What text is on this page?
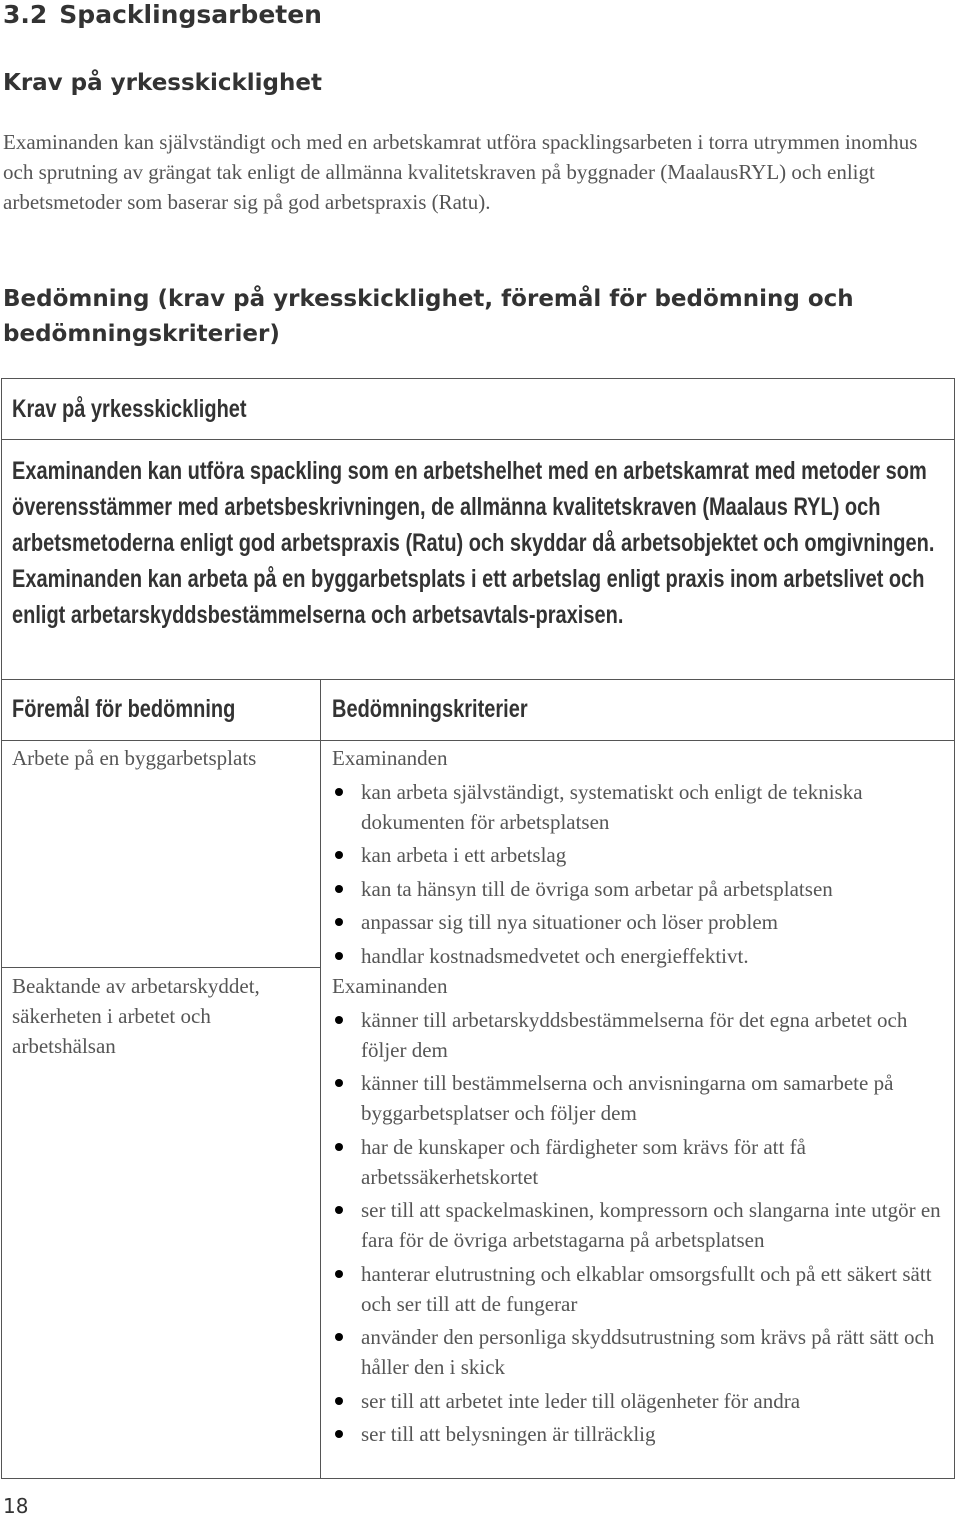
3.2 Spacklingsarbeten
Krav på yrkesskicklighet

Examinanden kan självständigt och med en arbetskamrat utföra spacklingsarbeten i torra utrymmen inomhus och sprutning av grängat tak enligt de allmänna kvalitetskraven på byggnader (MaalausRYL) och enligt arbetsmetoder som baserar sig på god arbetspraxis (Ratu).

Bedömning (krav på yrkesskicklighet, föremål för bedömning och bedömningskriterier)
Krav på yrkesskicklighet
Examinanden kan utföra spackling som en arbetshelhet med en arbetskamrat med metoder som överensstämmer med arbetsbeskrivningen, de allmänna kvalitetskraven (Maalaus RYL) och arbetsmetoderna enligt god arbetspraxis (Ratu) och skyddar då arbetsobjektet och omgivningen. Examinanden kan arbeta på en byggarbetsplats i ett arbetslag enligt praxis inom arbetslivet och enligt arbetarskyddsbestämmelserna och arbetsavtals-praxisen.
Föremål för bedömning	Bedömningskriterier
Arbete på en byggarbetsplats
Beaktande av arbetarskyddet, säkerheten i arbetet och arbetshälsan
Examinanden
kan arbeta självständigt, systematiskt och enligt de tekniska dokumenten för arbetsplatsen
kan arbeta i ett arbetslag
kan ta hänsyn till de övriga som arbetar på arbetsplatsen
anpassar sig till nya situationer och löser problem
handlar kostnadsmedvetet och energieffektivt.
Examinanden
känner till arbetarskyddsbestämmelserna för det egna arbetet och följer dem
känner till bestämmelserna och anvisningarna om samarbete på byggarbetsplatser och följer dem
har de kunskaper och färdigheter som krävs för att få arbetssäkerhetskortet
ser till att spackelmaskinen, kompressorn och slangarna inte utgör en fara för de övriga arbetstagarna på arbetsplatsen
hanterar elutrustning och elkablar omsorgsfullt och på ett säkert sätt och ser till att de fungerar
använder den personliga skyddsutrustning som krävs på rätt sätt och håller den i skick
ser till att arbetet inte leder till olägenheter för andra
ser till att belysningen är tillräcklig
18
